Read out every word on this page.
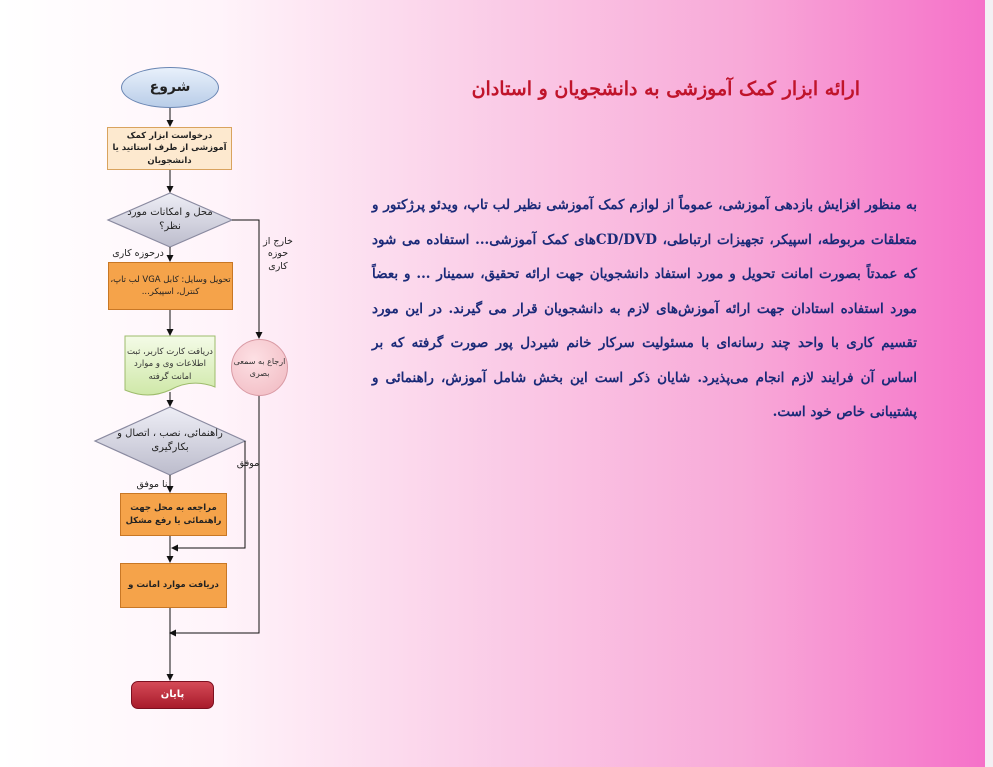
شروع
درخواست ابزار کمک آموزشی از طرف استاتید یا دانشجویان
محل و امکانات مورد نظر؟
درحوزه کاری
خارج از حوزه کاری
تحویل وسایل: کابل VGA لب تاپ، کنترل، اسپیکر...
دریافت کارت کاربر، ثبت اطلاعات وی و موارد امانت گرفته
ارجاع به سمعی بصری
راهنمائی، نصب ، اتصال و بکارگیری
نا موفق
موفق
مراجعه به محل جهت راهنمائی یا رفع مشکل
دریافت موارد امانت و
پایان
ارائه ابزار کمک آموزشی به دانشجویان و استادان
به منظور افزایش بازدهی آموزشی، عموماً از لوازم کمک آموزشی نظیر لب تاپ، ویدئو پرژکتور و متعلقات مربوطه، اسپیکر، تجهیزات ارتباطی، CD/DVDهای کمک آموزشی... استفاده می شود که عمدتاً بصورت امانت تحویل و مورد استفاد دانشجویان جهت ارائه تحقیق، سمینار ... و بعضاً مورد استفاده استادان جهت ارائه آموزش‌های لازم به دانشجویان قرار می گیرند. در این مورد تقسیم کاری با واحد چند رسانه‌ای با مسئولیت سرکار خانم شیردل پور صورت گرفته که بر اساس آن فرایند لازم انجام می‌پذیرد. شایان ذکر است این بخش شامل آموزش، راهنمائی و پشتیبانی خاص خود است.
